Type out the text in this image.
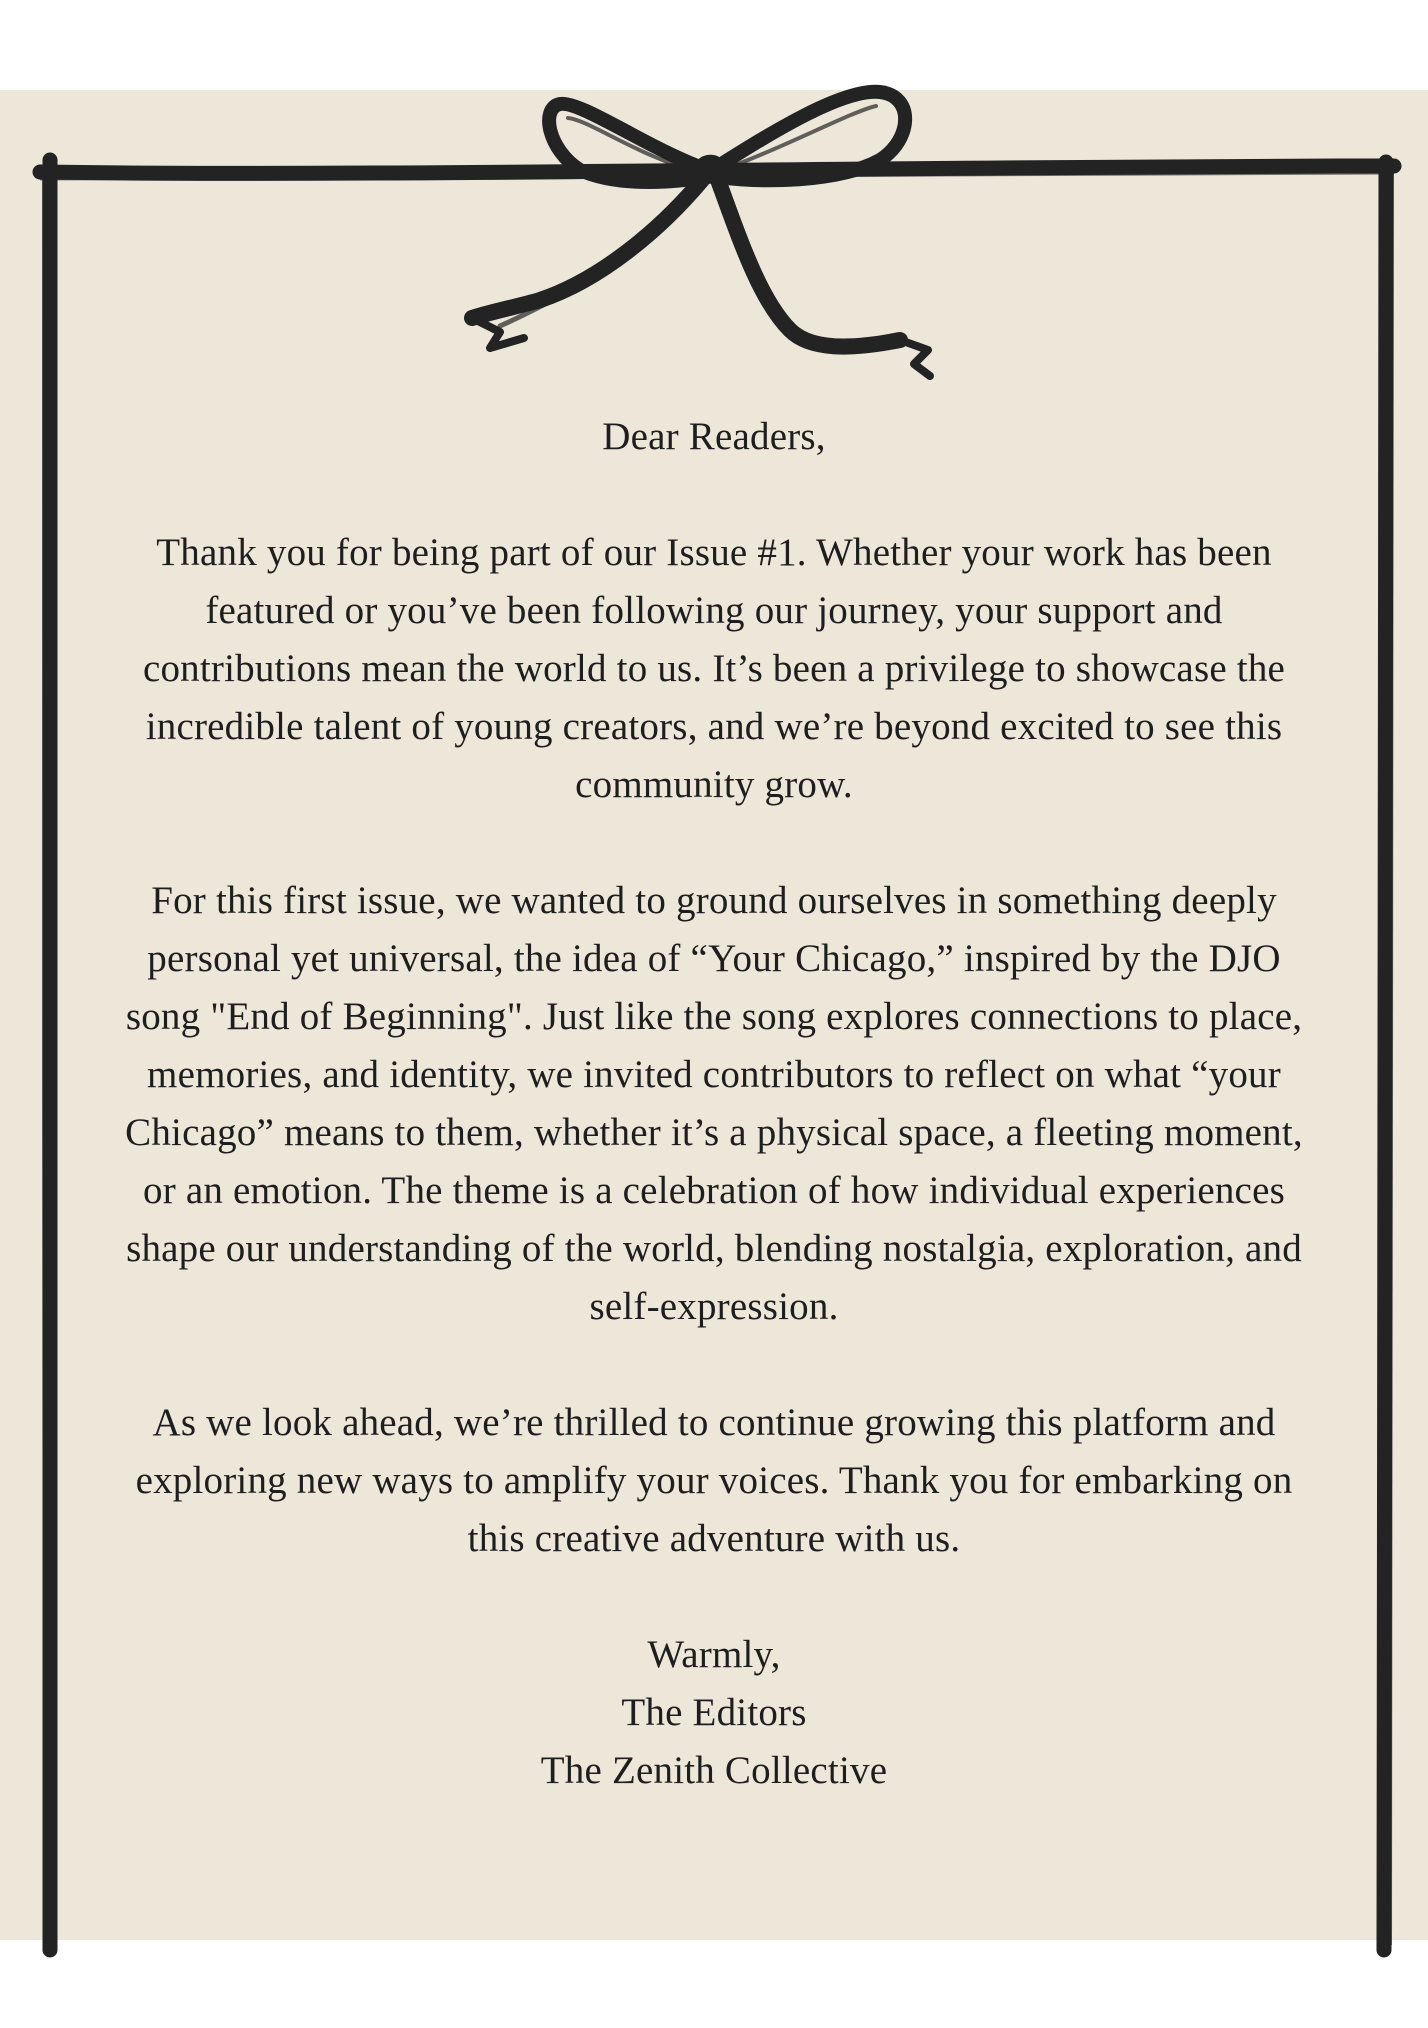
Dear Readers,

Thank you for being part of our Issue #1. Whether your work has been featured or you’ve been following our journey, your support and contributions mean the world to us. It’s been a privilege to showcase the incredible talent of young creators, and we’re beyond excited to see this community grow.

For this first issue, we wanted to ground ourselves in something deeply personal yet universal, the idea of “Your Chicago,” inspired by the DJO song "End of Beginning". Just like the song explores connections to place, memories, and identity, we invited contributors to reflect on what “your Chicago” means to them, whether it’s a physical space, a fleeting moment, or an emotion. The theme is a celebration of how individual experiences shape our understanding of the world, blending nostalgia, exploration, and self-expression.

As we look ahead, we’re thrilled to continue growing this platform and exploring new ways to amplify your voices. Thank you for embarking on this creative adventure with us.

Warmly,
The Editors
The Zenith Collective
